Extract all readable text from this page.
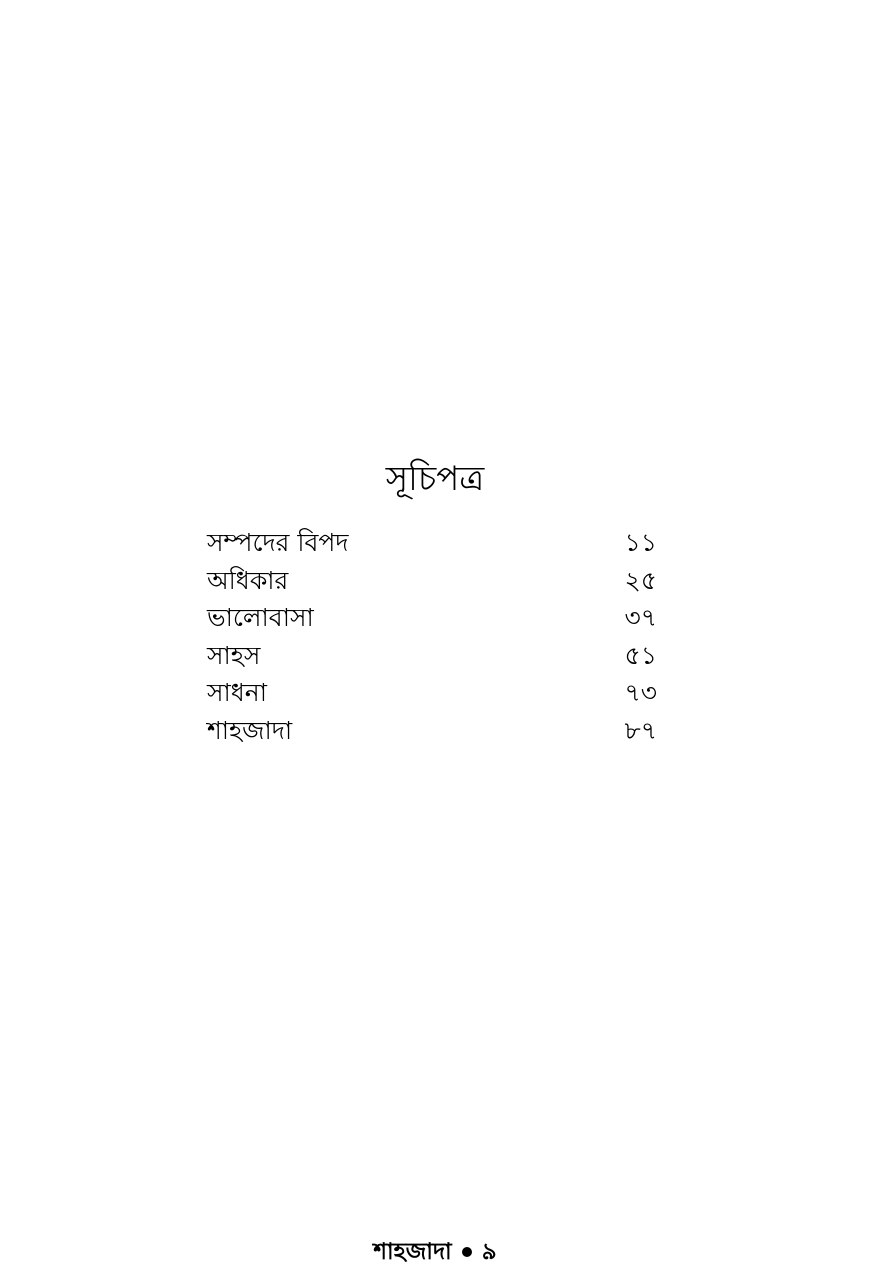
সূচিপত্র
সম্পদের বিপদ	১১
অধিকার	২৫
ভালোবাসা	৩৭
সাহস	৫১
সাধনা	৭৩
শাহজাদা	৮৭
শাহজাদা ৯
